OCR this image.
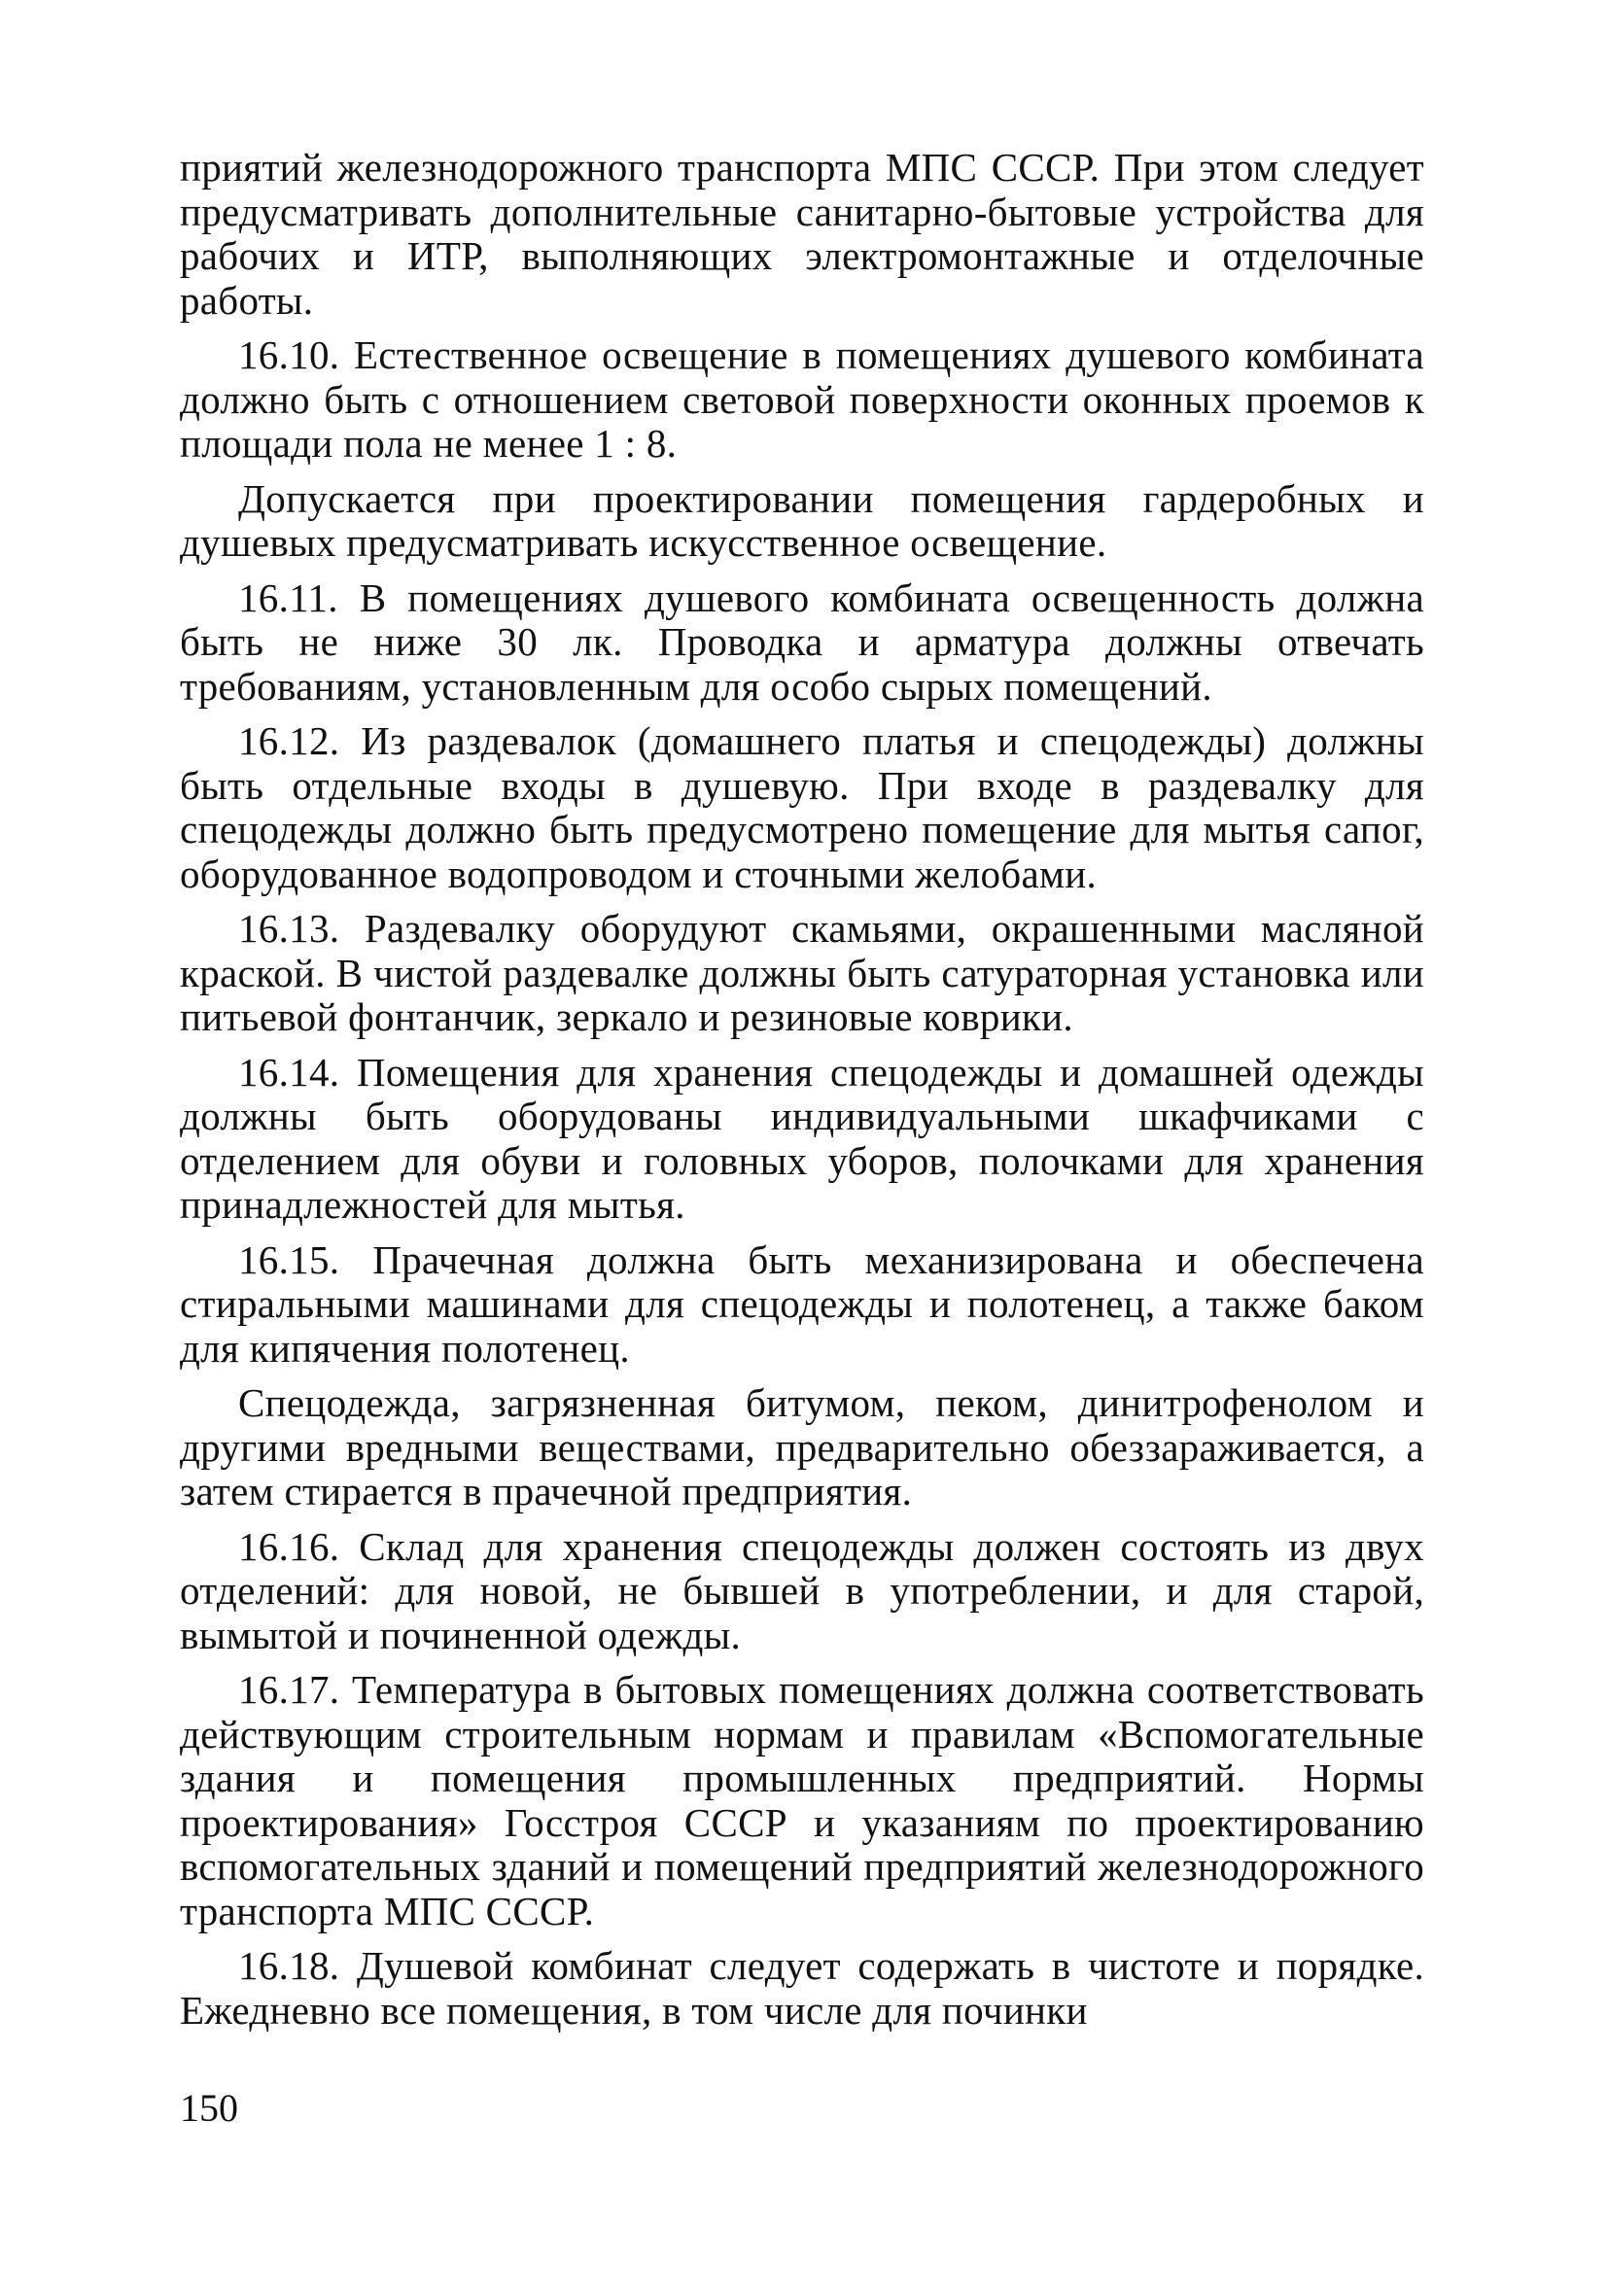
приятий железнодорожного транспорта МПС СССР. При этом следует предусматривать дополнительные санитарно-бытовые устройства для рабочих и ИТР, выполняющих электромонтажные и отделочные работы.

16.10. Естественное освещение в помещениях душевого комбината должно быть с отношением световой поверхности оконных проемов к площади пола не менее 1 : 8.

Допускается при проектировании помещения гардеробных и душевых предусматривать искусственное освещение.

16.11. В помещениях душевого комбината освещенность должна быть не ниже 30 лк. Проводка и арматура должны отвечать требованиям, установленным для особо сырых помещений.

16.12. Из раздевалок (домашнего платья и спецодежды) должны быть отдельные входы в душевую. При входе в раздевалку для спецодежды должно быть предусмотрено помещение для мытья сапог, оборудованное водопроводом и сточными желобами.

16.13. Раздевалку оборудуют скамьями, окрашенными масляной краской. В чистой раздевалке должны быть сатураторная установка или питьевой фонтанчик, зеркало и резиновые коврики.

16.14. Помещения для хранения спецодежды и домашней одежды должны быть оборудованы индивидуальными шкафчиками с отделением для обуви и головных уборов, полочками для хранения принадлежностей для мытья.

16.15. Прачечная должна быть механизирована и обеспечена стиральными машинами для спецодежды и полотенец, а также баком для кипячения полотенец.

Спецодежда, загрязненная битумом, пеком, динитрофенолом и другими вредными веществами, предварительно обеззараживается, а затем стирается в прачечной предприятия.

16.16. Склад для хранения спецодежды должен состоять из двух отделений: для новой, не бывшей в употреблении, и для старой, вымытой и починенной одежды.

16.17. Температура в бытовых помещениях должна соответствовать действующим строительным нормам и правилам «Вспомогательные здания и помещения промышленных предприятий. Нормы проектирования» Госстроя СССР и указаниям по проектированию вспомогательных зданий и помещений предприятий железнодорожного транспорта МПС СССР.

16.18. Душевой комбинат следует содержать в чистоте и порядке. Ежедневно все помещения, в том числе для починки

150
